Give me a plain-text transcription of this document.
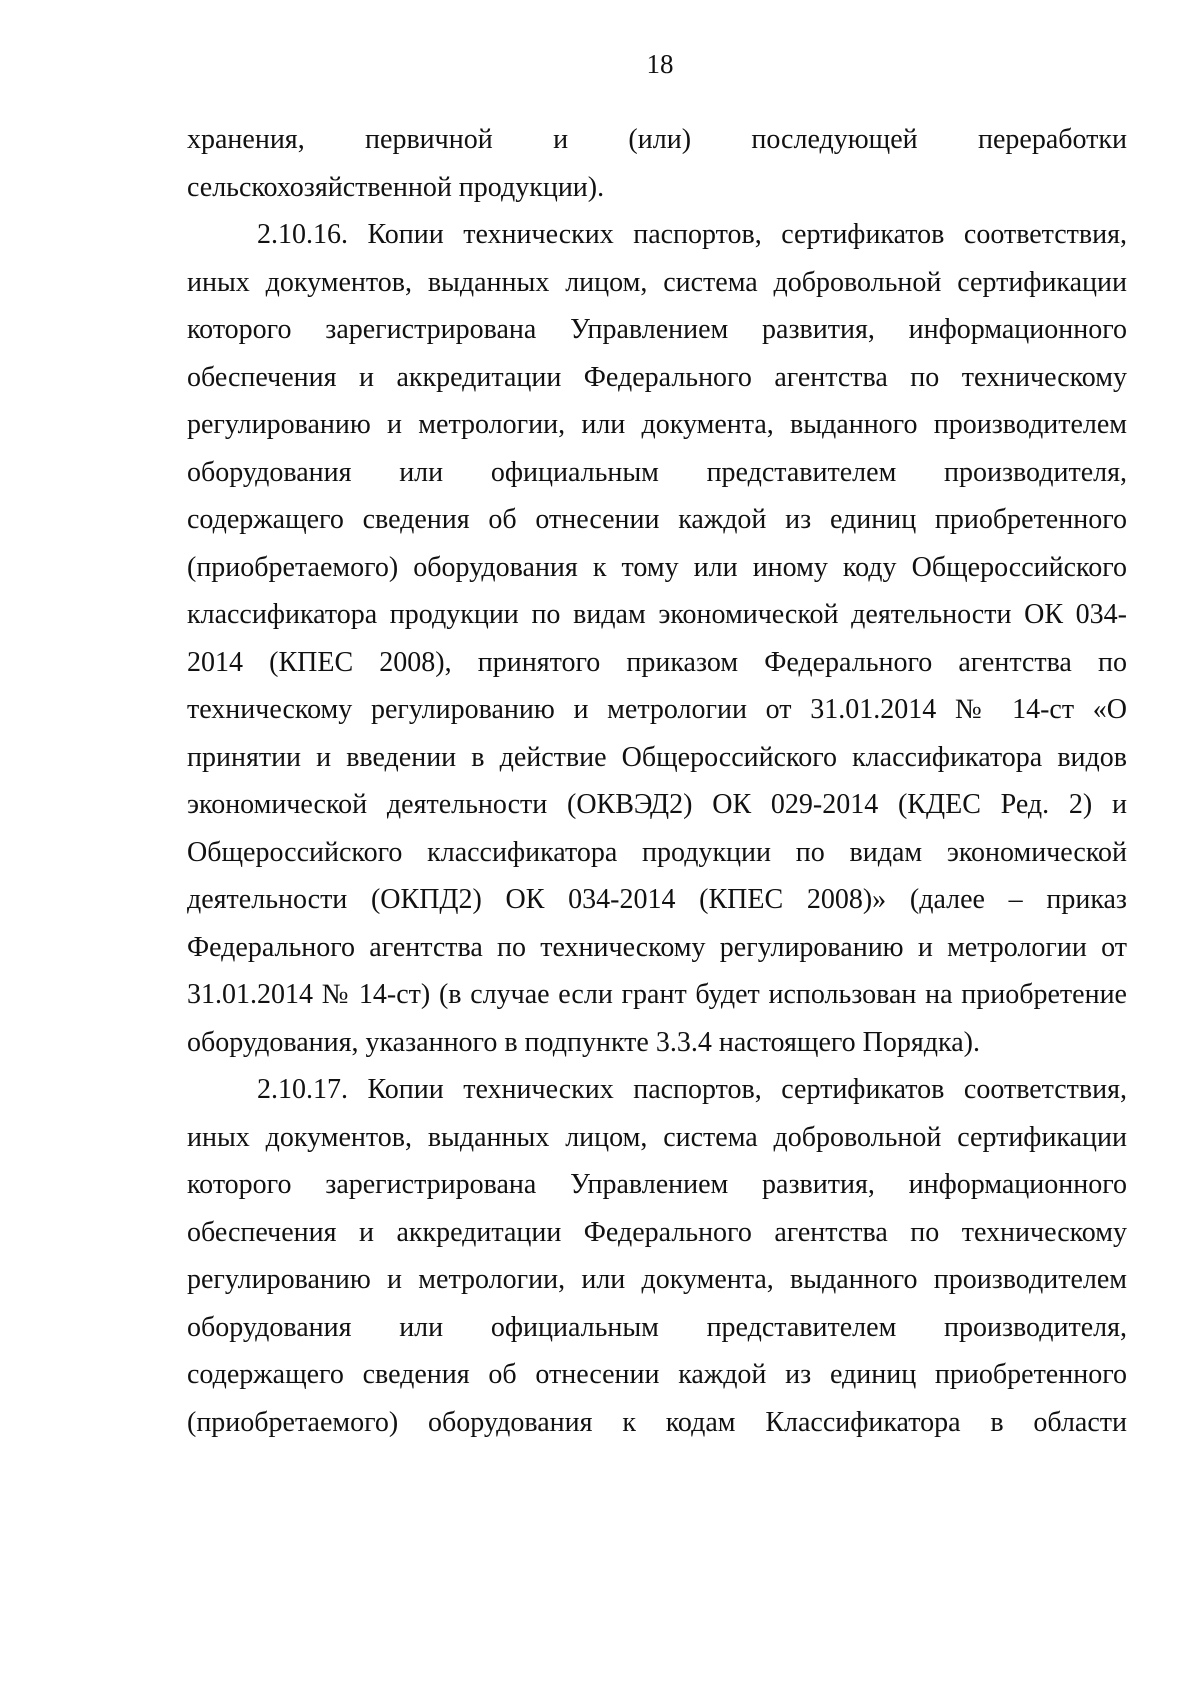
18

хранения, первичной и (или) последующей переработки сельскохозяйственной продукции).

2.10.16. Копии технических паспортов, сертификатов соответствия, иных документов, выданных лицом, система добровольной сертификации которого зарегистрирована Управлением развития, информационного обеспечения и аккредитации Федерального агентства по техническому регулированию и метрологии, или документа, выданного производителем оборудования или официальным представителем производителя, содержащего сведения об отнесении каждой из единиц приобретенного (приобретаемого) оборудования к тому или иному коду Общероссийского классификатора продукции по видам экономической деятельности ОК 034-2014 (КПЕС 2008), принятого приказом Федерального агентства по техническому регулированию и метрологии от 31.01.2014 № 14-ст «О принятии и введении в действие Общероссийского классификатора видов экономической деятельности (ОКВЭД2) ОК 029-2014 (КДЕС Ред. 2) и Общероссийского классификатора продукции по видам экономической деятельности (ОКПД2) ОК 034-2014 (КПЕС 2008)» (далее – приказ Федерального агентства по техническому регулированию и метрологии от 31.01.2014 № 14-ст) (в случае если грант будет использован на приобретение оборудования, указанного в подпункте 3.3.4 настоящего Порядка).

2.10.17. Копии технических паспортов, сертификатов соответствия, иных документов, выданных лицом, система добровольной сертификации которого зарегистрирована Управлением развития, информационного обеспечения и аккредитации Федерального агентства по техническому регулированию и метрологии, или документа, выданного производителем оборудования или официальным представителем производителя, содержащего сведения об отнесении каждой из единиц приобретенного (приобретаемого) оборудования к кодам Классификатора в области
